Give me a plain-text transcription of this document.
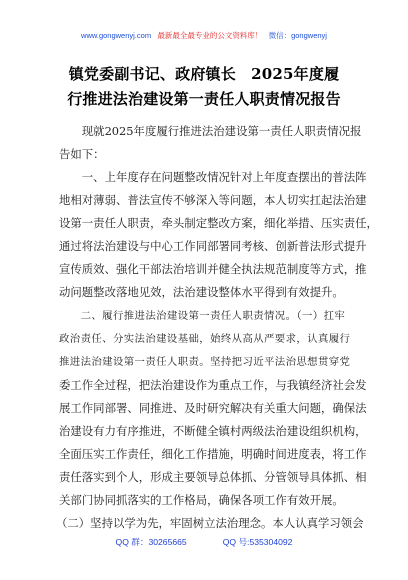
www.gongwenyj.com 最新最全最专业的公文资料库！ 微信：gongwenyj
镇党委副书记、政府镇长　2025年度履
行推进法治建设第一责任人职责情况报告
　　现就2025年度履行推进法治建设第一责任人职责情况报
告如下：
　　一、上年度存在问题整改情况针对上年度查摆出的普法阵
地相对薄弱、普法宣传不够深入等问题，本人切实扛起法治建
设第一责任人职责，牵头制定整改方案，细化举措、压实责任，
通过将法治建设与中心工作同部署同考核、创新普法形式提升
宣传质效、强化干部法治培训并健全执法规范制度等方式，推
动问题整改落地见效，法治建设整体水平得到有效提升。
　　二、履行推进法治建设第一责任人职责情况。（一）扛牢
政治责任、分实法治建设基础，始终从高从严要求，认真履行
推进法治建设第一责任人职责。坚持把习近平法治思想贯穿党
委工作全过程，把法治建设作为重点工作，与我镇经济社会发
展工作同部署、同推进、及时研究解决有关重大问题，确保法
治建设有力有序推进，不断健全镇村两级法治建设组织机构，
全面压实工作责任，细化工作措施，明确时间进度表，将工作
责任落实到个人，形成主要领导总体抓、分管领导具体抓、相
关部门协同抓落实的工作格局，确保各项工作有效开展。
（二）坚持以学为先，牢固树立法治理念。本人认真学习领会
QQ 群：30265665	QQ 号:535304092
